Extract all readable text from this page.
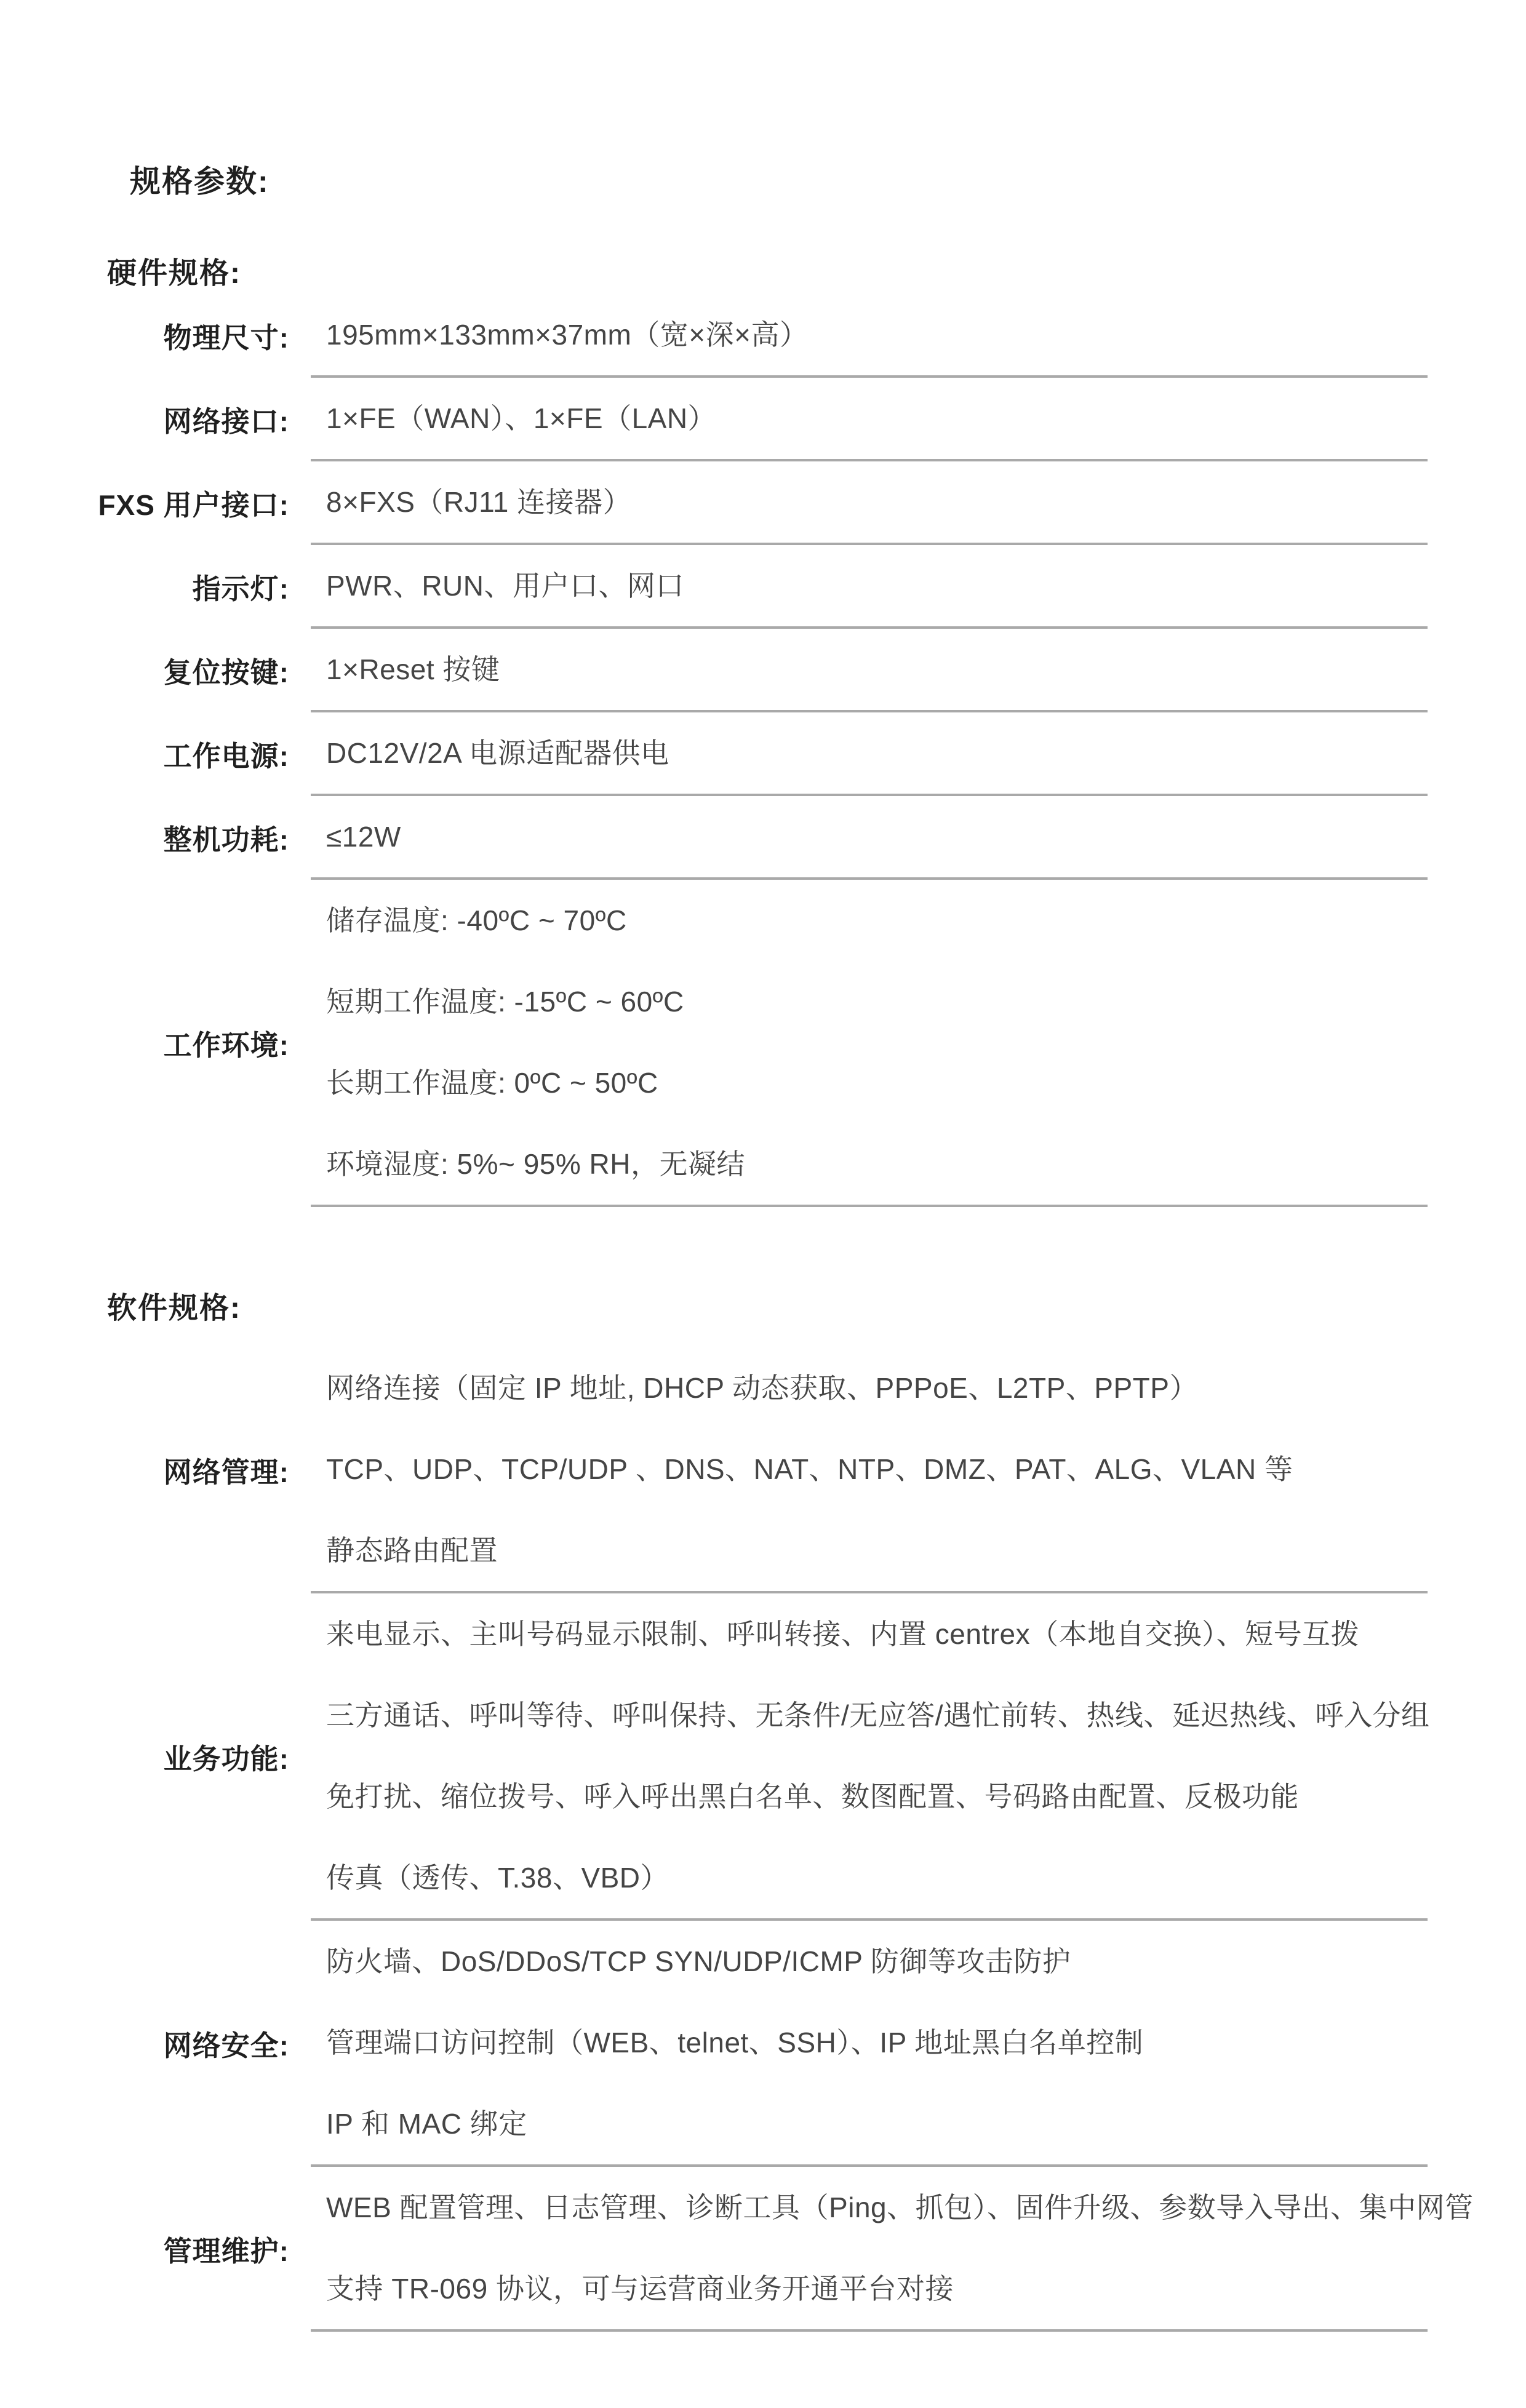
规格参数:
硬件规格:
物理尺寸: 195mm×133mm×37mm（宽×深×高）
网络接口: 1×FE（WAN）、1×FE（LAN）
FXS 用户接口: 8×FXS（RJ11 连接器）
指示灯: PWR、RUN、用户口、网口
复位按键: 1×Reset 按键
工作电源: DC12V/2A 电源适配器供电
整机功耗: ≤12W
工作环境:
储存温度: -40ºC ~ 70ºC
短期工作温度: -15ºC ~ 60ºC
长期工作温度: 0ºC ~ 50ºC
环境湿度: 5%~ 95% RH，无凝结
软件规格:
网络管理:
网络连接（固定 IP 地址, DHCP 动态获取、PPPoE、L2TP、PPTP）
TCP、UDP、TCP/UDP 、DNS、NAT、NTP、DMZ、PAT、ALG、VLAN 等
静态路由配置
业务功能:
来电显示、主叫号码显示限制、呼叫转接、内置 centrex（本地自交换）、短号互拨
三方通话、呼叫等待、呼叫保持、无条件/无应答/遇忙前转、热线、延迟热线、呼入分组
免打扰、缩位拨号、呼入呼出黑白名单、数图配置、号码路由配置、反极功能
传真（透传、T.38、VBD）
网络安全:
防火墙、DoS/DDoS/TCP SYN/UDP/ICMP 防御等攻击防护
管理端口访问控制（WEB、telnet、SSH）、IP 地址黑白名单控制
IP 和 MAC 绑定
管理维护:
WEB 配置管理、日志管理、诊断工具（Ping、抓包）、固件升级、参数导入导出、集中网管
支持 TR-069 协议，可与运营商业务开通平台对接
